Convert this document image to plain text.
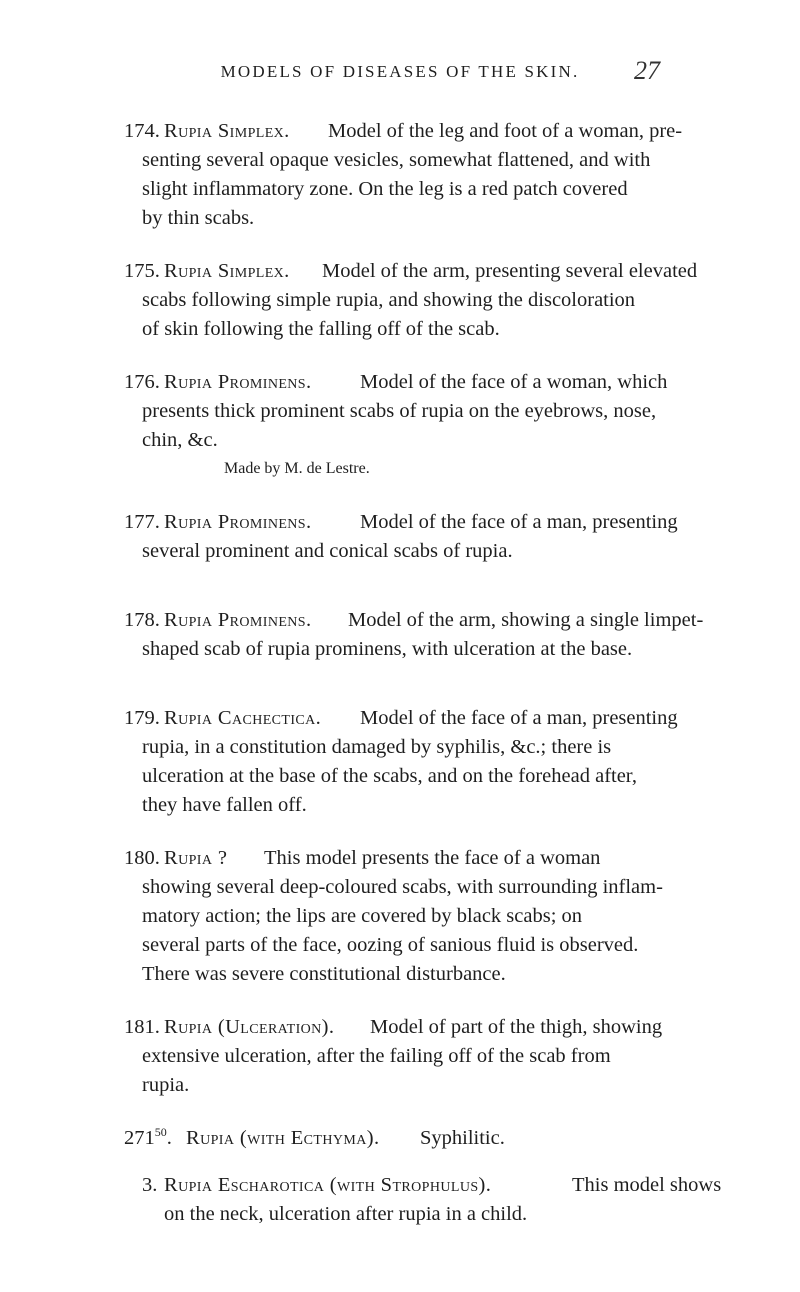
MODELS OF DISEASES OF THE SKIN.	27
174. Rupia Simplex. Model of the leg and foot of a woman, pre-
senting several opaque vesicles, somewhat flattened, and with
slight inflammatory zone. On the leg is a red patch covered
by thin scabs.
175. Rupia Simplex. Model of the arm, presenting several elevated
scabs following simple rupia, and showing the discoloration
of skin following the falling off of the scab.
176. Rupia Prominens. Model of the face of a woman, which
presents thick prominent scabs of rupia on the eyebrows, nose,
chin, &c.
Made by M. de Lestre.
177. Rupia Prominens. Model of the face of a man, presenting
several prominent and conical scabs of rupia.
178. Rupia Prominens. Model of the arm, showing a single limpet-
shaped scab of rupia prominens, with ulceration at the base.
179. Rupia Cachectica. Model of the face of a man, presenting
rupia, in a constitution damaged by syphilis, &c.; there is
ulceration at the base of the scabs, and on the forehead after,
they have fallen off.
180. Rupia ? This model presents the face of a woman
showing several deep-coloured scabs, with surrounding inflam-
matory action; the lips are covered by black scabs; on
several parts of the face, oozing of sanious fluid is observed.
There was severe constitutional disturbance.
181. Rupia (Ulceration). Model of part of the thigh, showing
extensive ulceration, after the failing off of the scab from
rupia.
$271^{50}$. Rupia (with Ecthyma). Syphilitic.
3. Rupia Escharotica (with Strophulus).	This model shows
on the neck, ulceration after rupia in a child.
